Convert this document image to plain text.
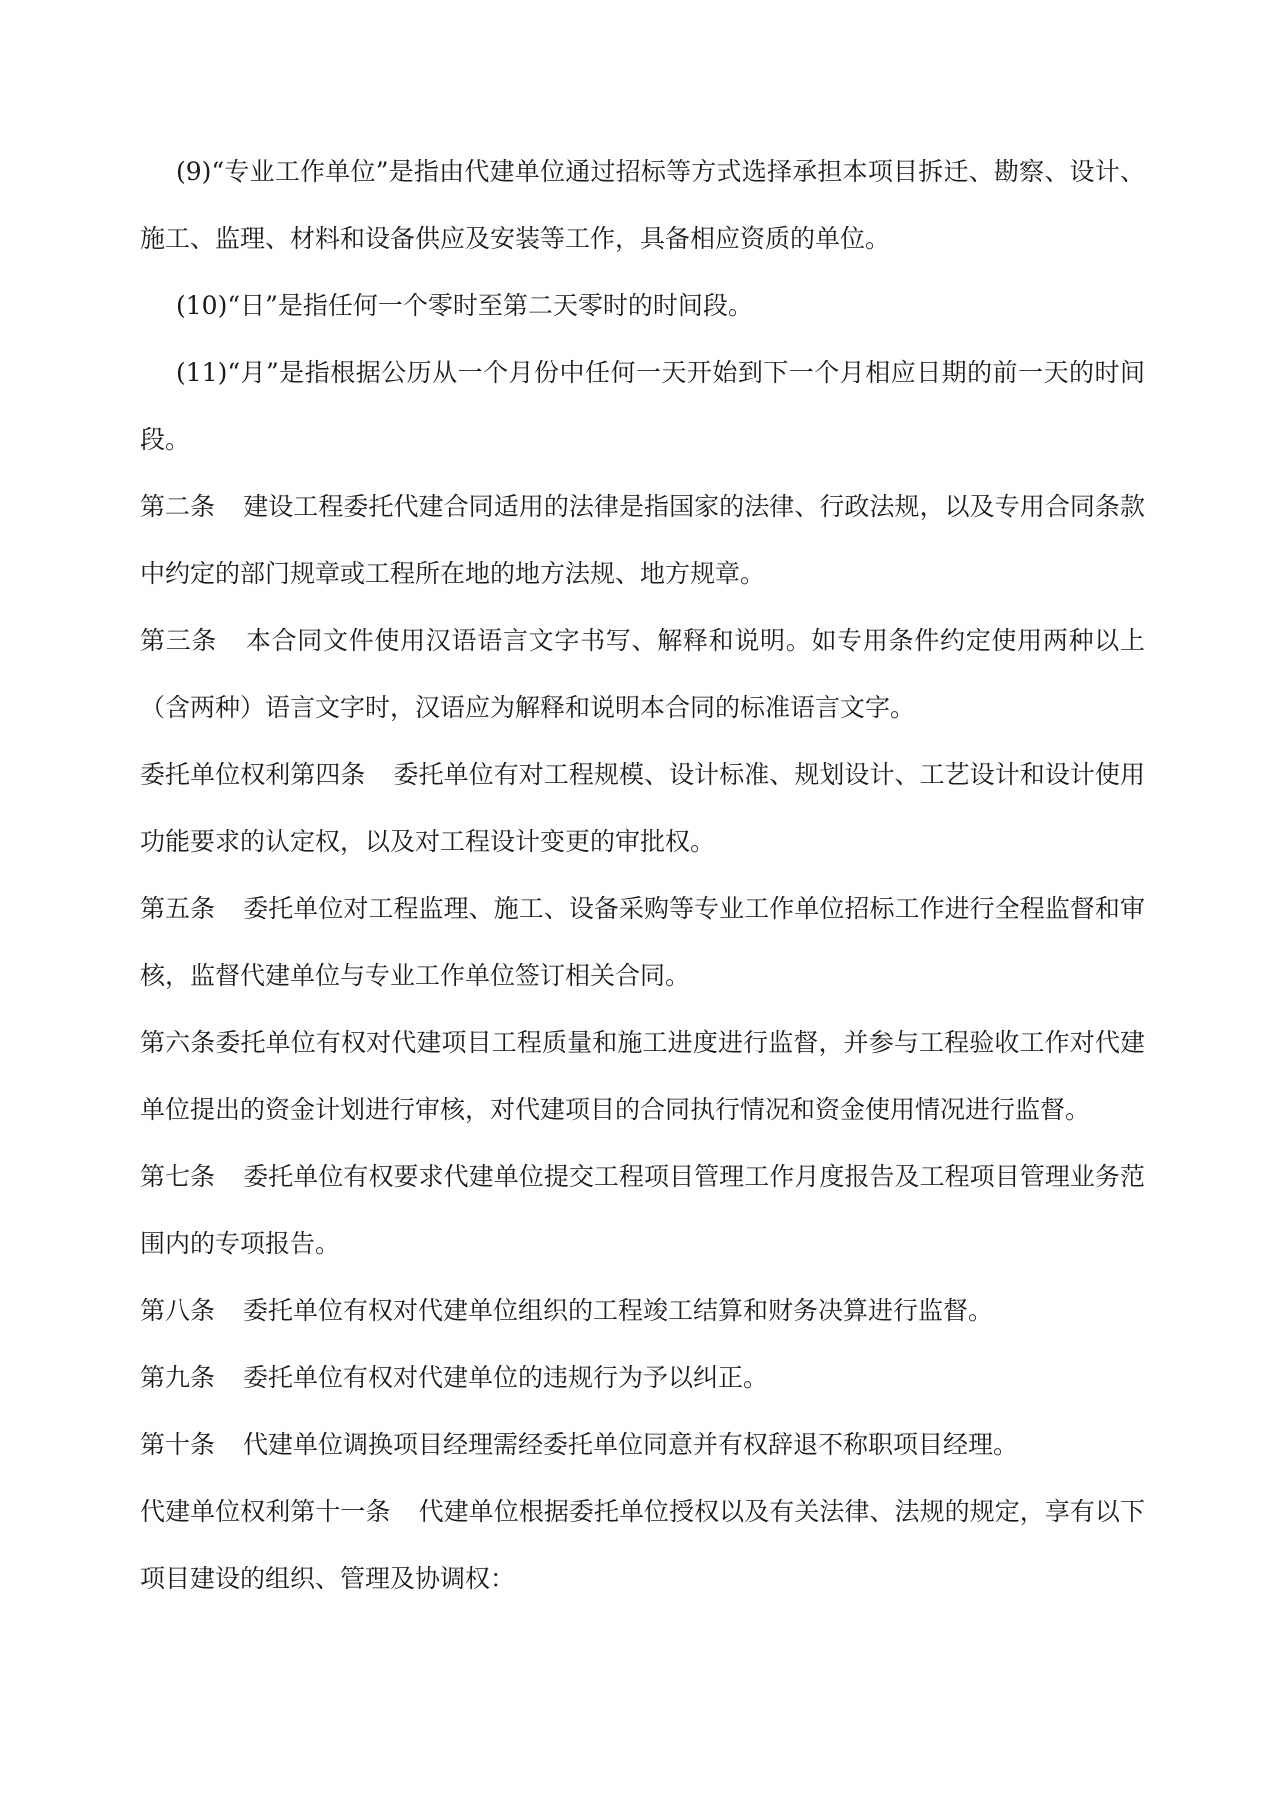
(9)“专业工作单位”是指由代建单位通过招标等方式选择承担本项目拆迁、勘察、设计、施工、监理、材料和设备供应及安装等工作，具备相应资质的单位。

(10)“日”是指任何一个零时至第二天零时的时间段。

(11)“月”是指根据公历从一个月份中任何一天开始到下一个月相应日期的前一天的时间段。

第二条 建设工程委托代建合同适用的法律是指国家的法律、行政法规，以及专用合同条款中约定的部门规章或工程所在地的地方法规、地方规章。

第三条 本合同文件使用汉语语言文字书写、解释和说明。如专用条件约定使用两种以上（含两种）语言文字时，汉语应为解释和说明本合同的标准语言文字。

委托单位权利第四条 委托单位有对工程规模、设计标准、规划设计、工艺设计和设计使用功能要求的认定权，以及对工程设计变更的审批权。

第五条 委托单位对工程监理、施工、设备采购等专业工作单位招标工作进行全程监督和审核，监督代建单位与专业工作单位签订相关合同。

第六条委托单位有权对代建项目工程质量和施工进度进行监督，并参与工程验收工作对代建单位提出的资金计划进行审核，对代建项目的合同执行情况和资金使用情况进行监督。

第七条 委托单位有权要求代建单位提交工程项目管理工作月度报告及工程项目管理业务范围内的专项报告。

第八条 委托单位有权对代建单位组织的工程竣工结算和财务决算进行监督。

第九条 委托单位有权对代建单位的违规行为予以纠正。

第十条 代建单位调换项目经理需经委托单位同意并有权辞退不称职项目经理。

代建单位权利第十一条 代建单位根据委托单位授权以及有关法律、法规的规定，享有以下项目建设的组织、管理及协调权：
